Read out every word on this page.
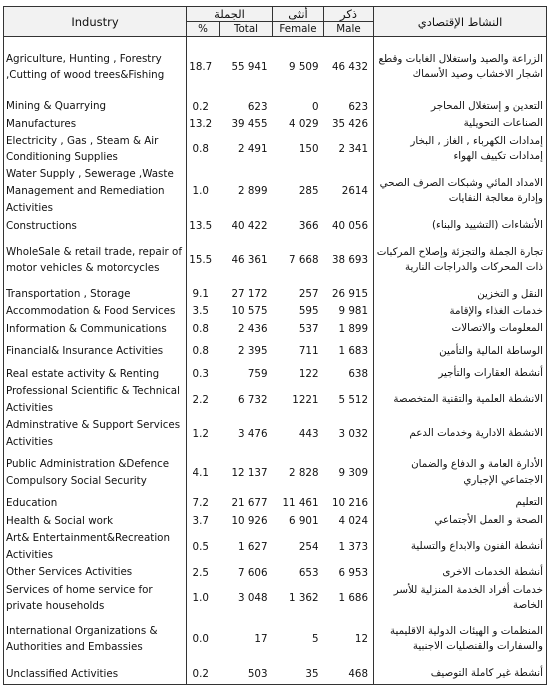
Industry	الجملة		أنثى	ذكر	النشاط الإقتصادي
	%	Total	Female	Male	
Agriculture, Hunting , Forestry ,Cutting of wood trees&Fishing	18.7	55 941	9 509	46 432	الزراعة والصيد واستغلال الغابات وقطع اشجار الاخشاب وصيد الأسماك
Mining & Quarrying	0.2	623	0	623	التعدين و إستغلال المحاجر
Manufactures	13.2	39 455	4 029	35 426	الصناعات التحويلية
Electricity , Gas , Steam & Air Conditioning Supplies	0.8	2 491	150	2 341	إمدادات الكهرباء , الغاز , البخار إمدادات تكييف الهواء
Water Supply , Sewerage ,Waste Management and Remediation Activities	1.0	2 899	285	2614	الامداد المائي وشبكات الصرف الصحي وإدارة معالجة النفايات
Constructions	13.5	40 422	366	40 056	الأنشاءات (التشييد والبناء)
WholeSale & retail trade, repair of motor vehicles & motorcycles	15.5	46 361	7 668	38 693	تجارة الجملة والتجزئة وإصلاح المركبات ذات المحركات والدراجات النارية
Transportation , Storage	9.1	27 172	257	26 915	النقل و التخزين
Accommodation & Food Services	3.5	10 575	595	9 981	خدمات الغذاء والإقامة
Information & Communications	0.8	2 436	537	1 899	المعلومات والاتصالات
Financial& Insurance Activities	0.8	2 395	711	1 683	الوساطة المالية والتأمين
Real estate activity & Renting	0.3	759	122	638	أنشطة العقارات والتأجير
Professional Scientific & Technical Activities	2.2	6 732	1221	5 512	الانشطة العلمية والتقنية المتخصصة
Adminstrative & Support Services Activities	1.2	3 476	443	3 032	الانشطة الادارية وخدمات الدعم
Public Administration &Defence Compulsory Social Security	4.1	12 137	2 828	9 309	الأدارة العامة و الدفاع والضمان الاجتماعي الإجباري
Education	7.2	21 677	11 461	10 216	التعليم
Health & Social work	3.7	10 926	6 901	4 024	الصحة و العمل الأجتماعي
Art& Entertainment&Recreation Activities	0.5	1 627	254	1 373	أنشطة الفنون والابداع والتسلية
Other Services Activities	2.5	7 606	653	6 953	أنشطة الخدمات الاخرى
Services of home service for private households	1.0	3 048	1 362	1 686	خدمات أفراد الخدمة المنزلية للأسر الخاصة
International Organizations & Authorities and Embassies	0.0	17	5	12	المنظمات و الهيئات الدولية الاقليمية والسفارات والقنصليات الاجنبية
Unclassified Activities	0.2	503	35	468	أنشطة غير كاملة التوصيف
